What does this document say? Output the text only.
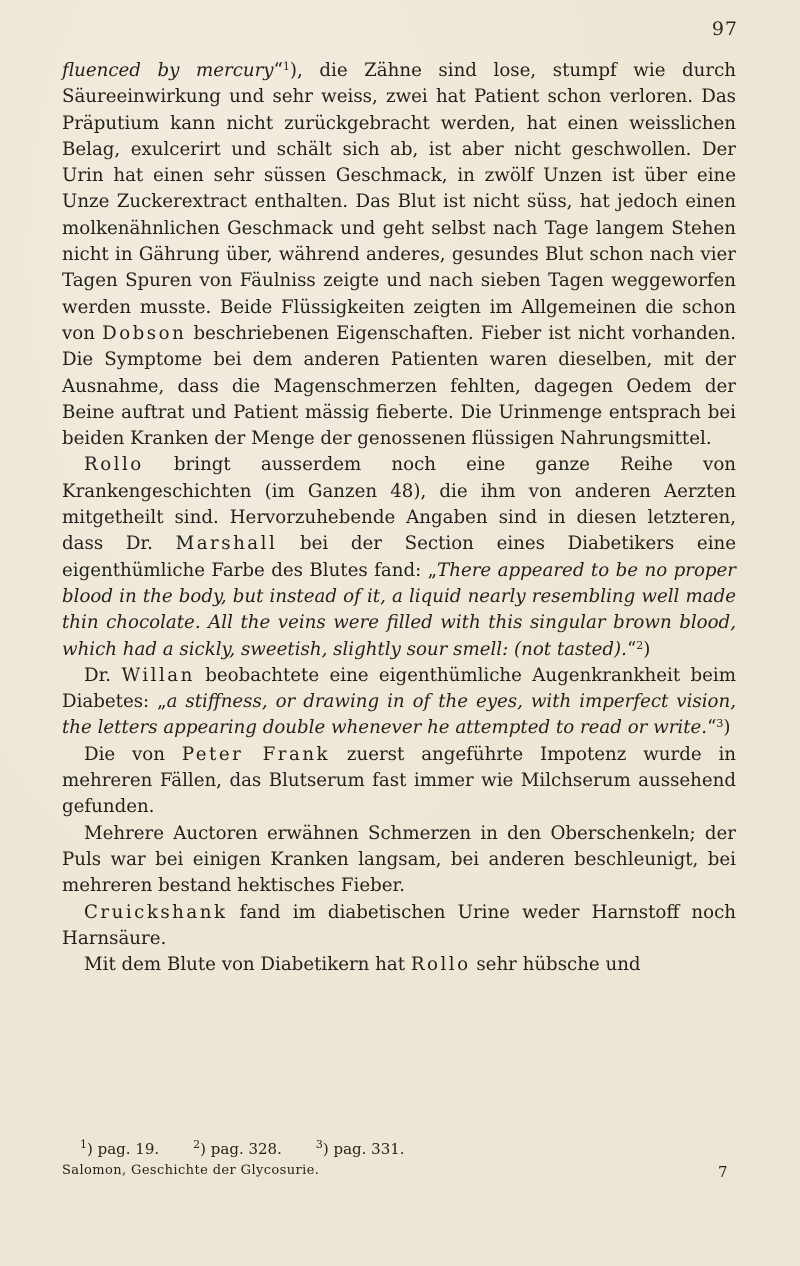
97

fluenced by mercury“$^1$), die Zähne sind lose, stumpf wie durch Säureeinwirkung und sehr weiss, zwei hat Patient schon verloren. Das Präputium kann nicht zurückgebracht werden, hat einen weisslichen Belag, exulcerirt und schält sich ab, ist aber nicht geschwollen. Der Urin hat einen sehr süssen Geschmack, in zwölf Unzen ist über eine Unze Zuckerextract enthalten. Das Blut ist nicht süss, hat jedoch einen molkenähnlichen Geschmack und geht selbst nach Tage langem Stehen nicht in Gährung über, während anderes, gesundes Blut schon nach vier Tagen Spuren von Fäulniss zeigte und nach sieben Tagen weggeworfen werden musste. Beide Flüssigkeiten zeigten im Allgemeinen die schon von Dobson beschriebenen Eigenschaften. Fieber ist nicht vorhanden. Die Symptome bei dem anderen Patienten waren dieselben, mit der Ausnahme, dass die Magenschmerzen fehlten, dagegen Oedem der Beine auftrat und Patient mässig fieberte. Die Urinmenge entsprach bei beiden Kranken der Menge der genossenen flüssigen Nahrungsmittel.

Rollo bringt ausserdem noch eine ganze Reihe von Krankengeschichten (im Ganzen 48), die ihm von anderen Aerzten mitgetheilt sind. Hervorzuhebende Angaben sind in diesen letzteren, dass Dr. Marshall bei der Section eines Diabetikers eine eigenthümliche Farbe des Blutes fand: „There appeared to be no proper blood in the body, but instead of it, a liquid nearly resembling well made thin chocolate. All the veins were filled with this singular brown blood, which had a sickly, sweetish, slightly sour smell: (not tasted).“$^2$)

Dr. Willan beobachtete eine eigenthümliche Augenkrankheit beim Diabetes: „a stiffness, or drawing in of the eyes, with imperfect vision, the letters appearing double whenever he attempted to read or write.“$^3$)

Die von Peter Frank zuerst angeführte Impotenz wurde in mehreren Fällen, das Blutserum fast immer wie Milchserum aussehend gefunden.

Mehrere Auctoren erwähnen Schmerzen in den Oberschenkeln; der Puls war bei einigen Kranken langsam, bei anderen beschleunigt, bei mehreren bestand hektisches Fieber.

Cruickshank fand im diabetischen Urine weder Harnstoff noch Harnsäure.

Mit dem Blute von Diabetikern hat Rollo sehr hübsche und

$^1$) pag. 19.	$^2$) pag. 328.	$^3$) pag. 331.
Salomon, Geschichte der Glycosurie.	7
